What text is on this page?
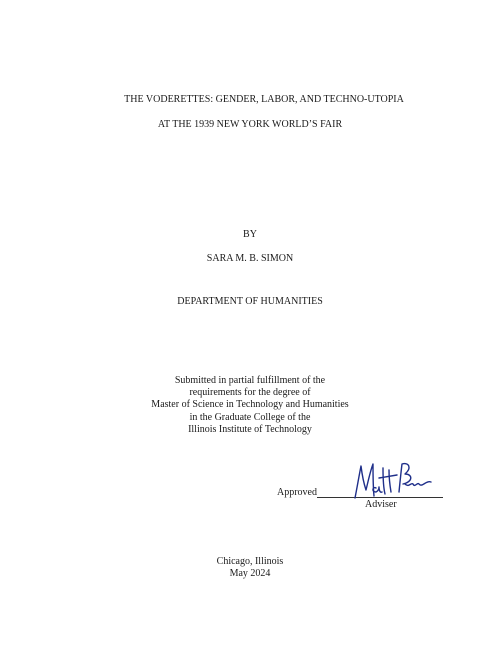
THE VODERETTES: GENDER, LABOR, AND TECHNO-UTOPIA
AT THE 1939 NEW YORK WORLD’S FAIR
BY
SARA M. B. SIMON
DEPARTMENT OF HUMANITIES
Submitted in partial fulfillment of the
requirements for the degree of
Master of Science in Technology and Humanities
in the Graduate College of the
Illinois Institute of Technology
Approved
Adviser
Chicago, Illinois
May 2024
